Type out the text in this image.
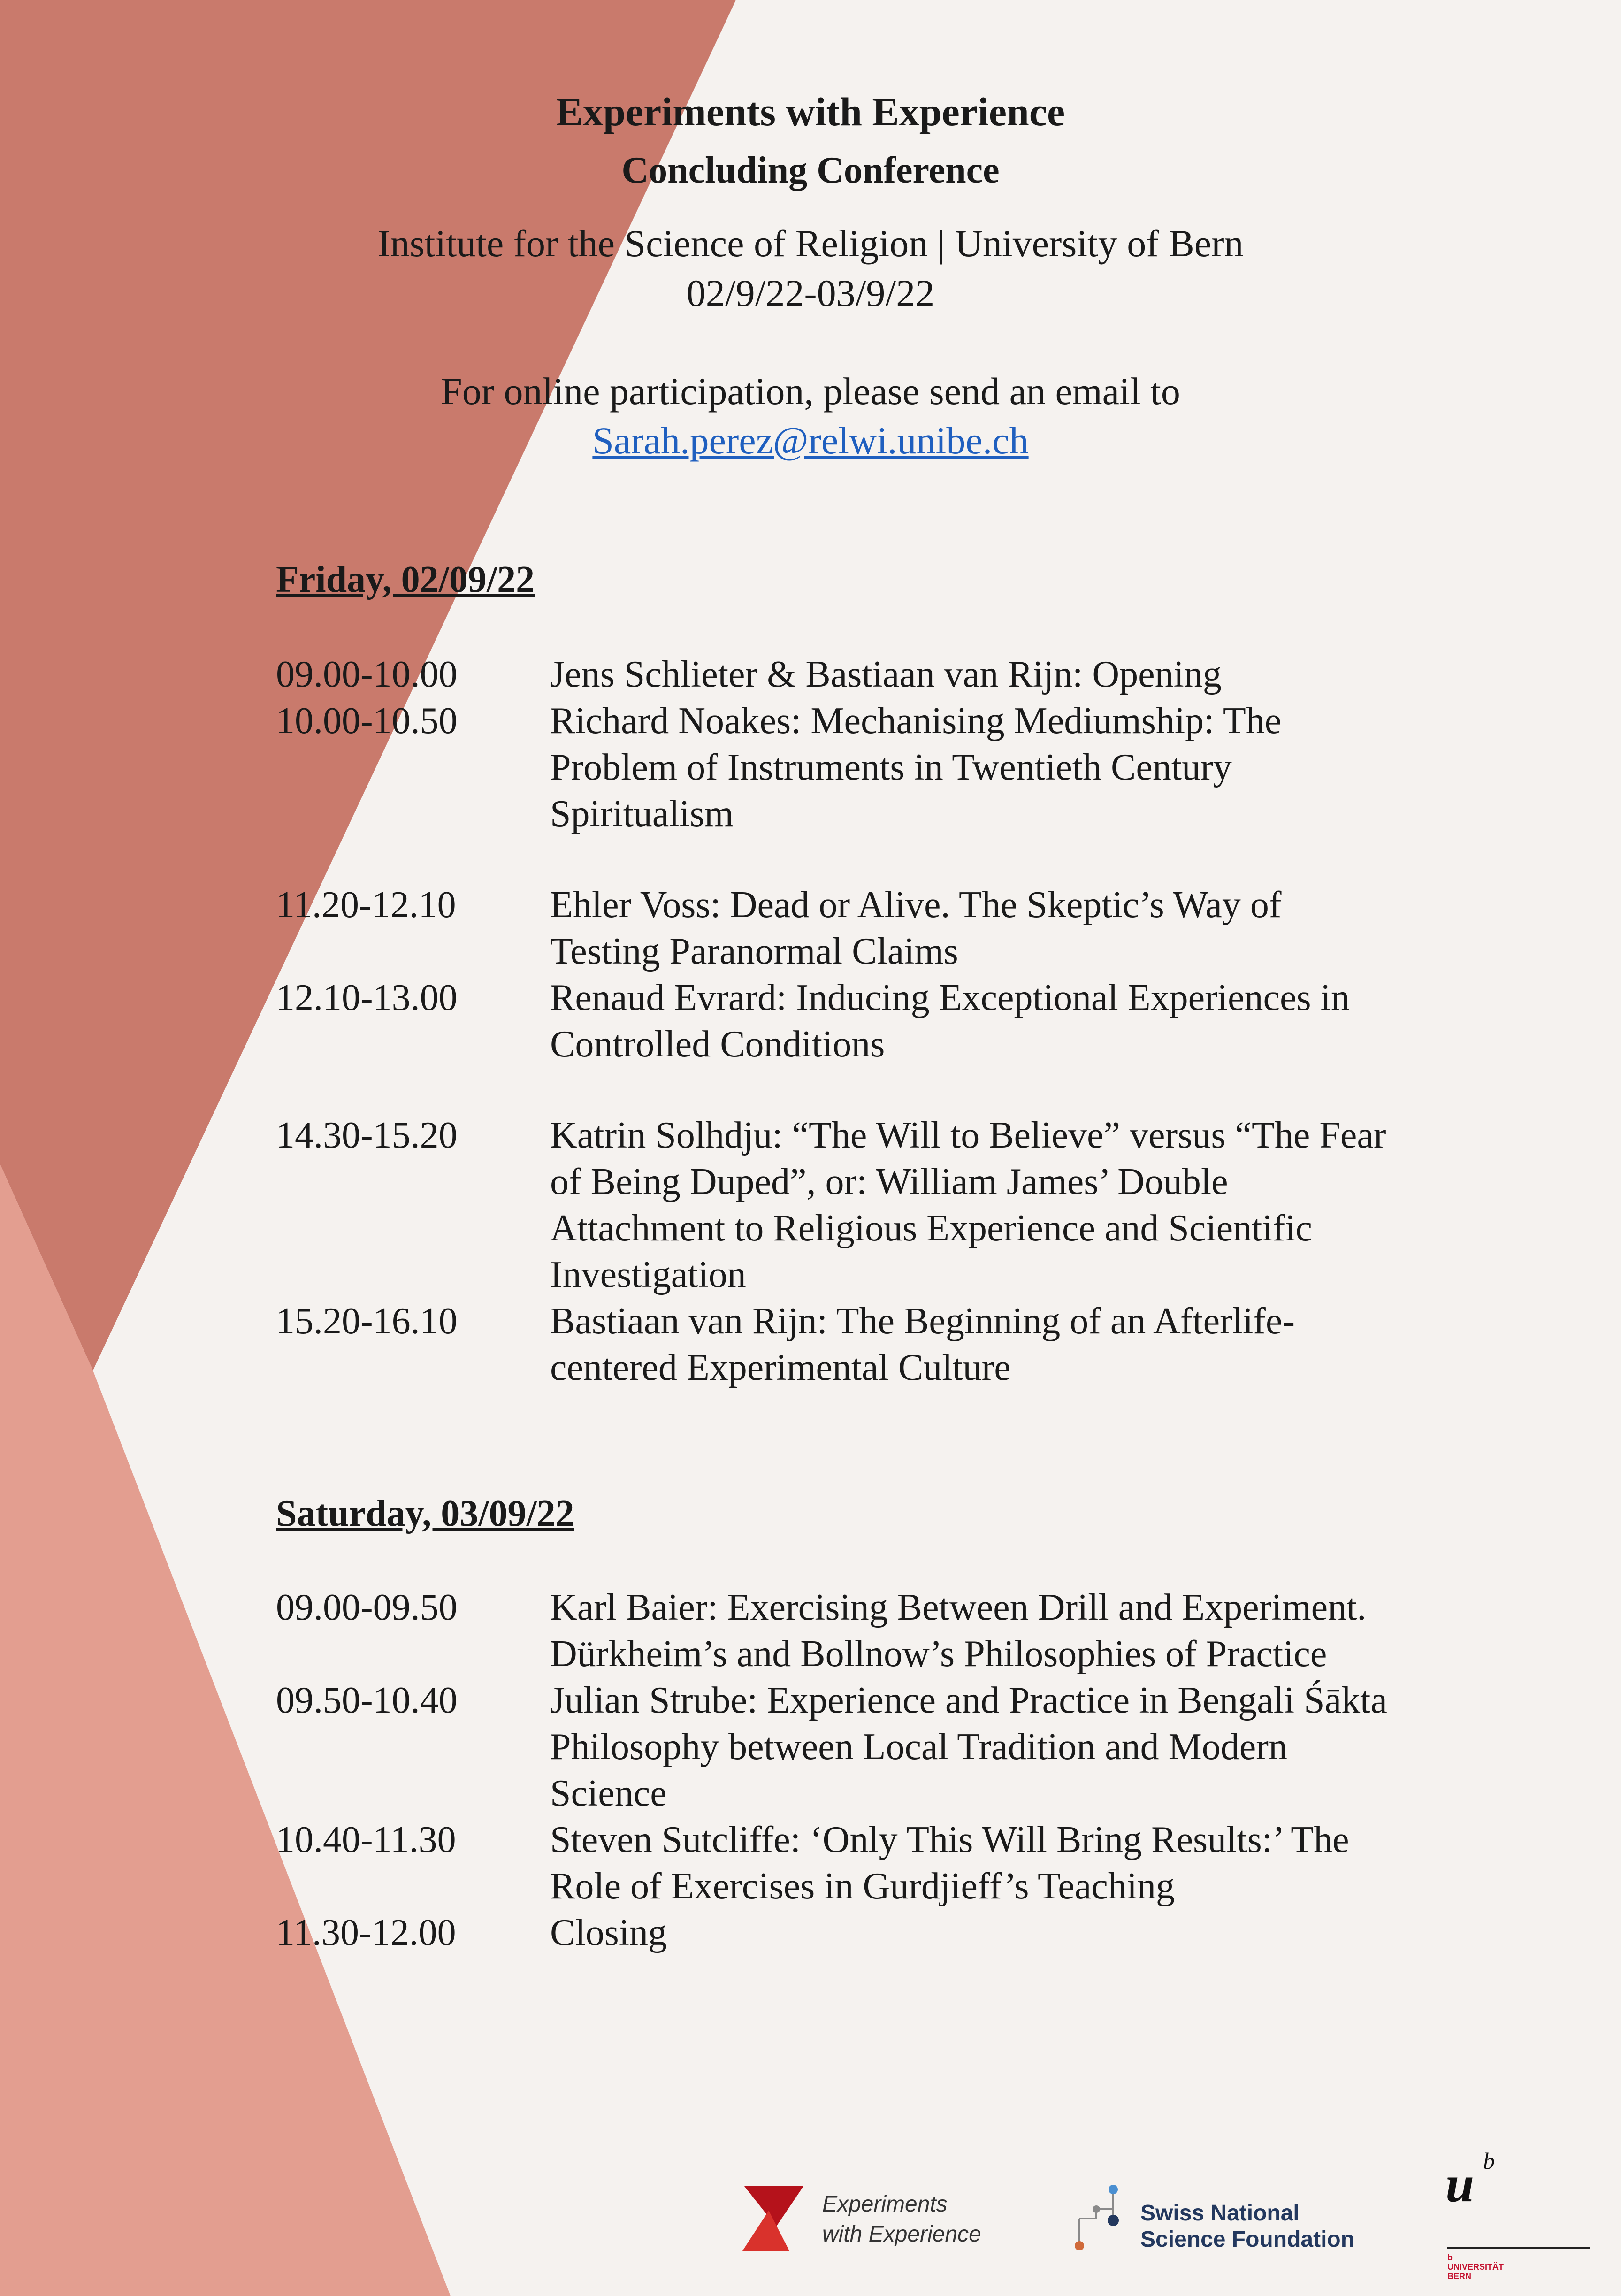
Experiments with Experience
Concluding Conference
Institute for the Science of Religion | University of Bern
02/9/22-03/9/22
For online participation, please send an email to
Sarah.perez@relwi.unibe.ch
Friday, 02/09/22
09.00-10.00	Jens Schlieter & Bastiaan van Rijn: Opening
10.00-10.50	Richard Noakes: Mechanising Mediumship: The
Problem of Instruments in Twentieth Century
Spiritualism
11.20-12.10	Ehler Voss: Dead or Alive. The Skeptic’s Way of
Testing Paranormal Claims
12.10-13.00	Renaud Evrard: Inducing Exceptional Experiences in
Controlled Conditions
14.30-15.20	Katrin Solhdju: “The Will to Believe” versus “The Fear
of Being Duped”, or: William James’ Double
Attachment to Religious Experience and Scientific
Investigation
15.20-16.10	Bastiaan van Rijn: The Beginning of an Afterlife-
centered Experimental Culture
Saturday, 03/09/22
09.00-09.50	Karl Baier: Exercising Between Drill and Experiment.
Dürkheim’s and Bollnow’s Philosophies of Practice
09.50-10.40	Julian Strube: Experience and Practice in Bengali Śākta
Philosophy between Local Tradition and Modern
Science
10.40-11.30	Steven Sutcliffe: ‘Only This Will Bring Results:’ The
Role of Exercises in Gurdjieff’s Teaching
11.30-12.00	Closing
Experiments
with Experience
Swiss National
Science Foundation
u b
b
UNIVERSITÄT
BERN
